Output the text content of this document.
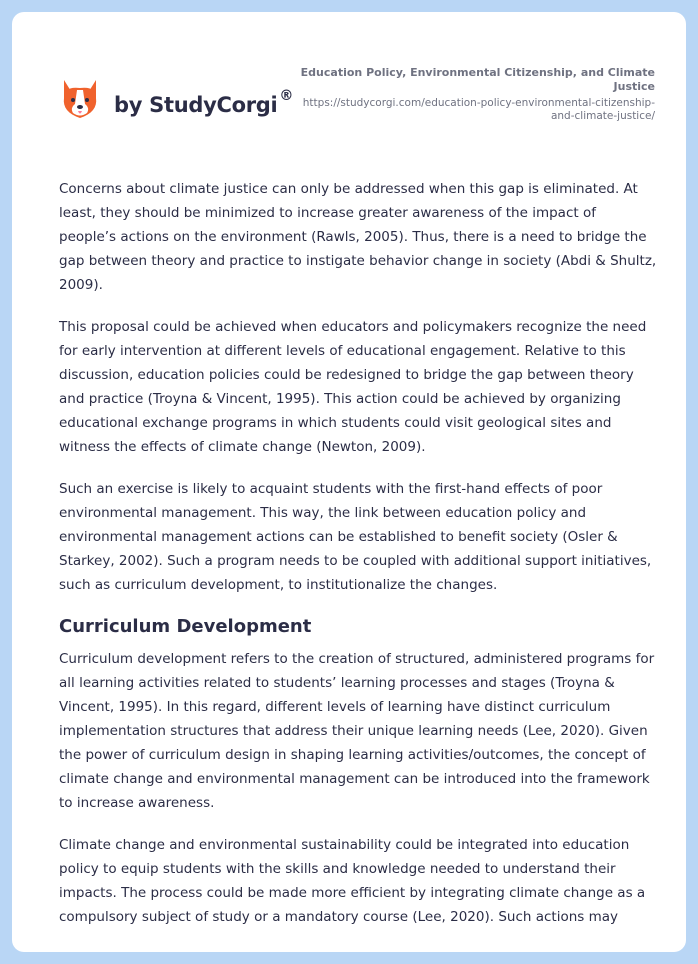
by StudyCorgi ®
Education Policy, Environmental Citizenship, and Climate Justice
https://studycorgi.com/education-policy-environmental-citizenship-and-climate-justice/

Concerns about climate justice can only be addressed when this gap is eliminated. At least, they should be minimized to increase greater awareness of the impact of people’s actions on the environment (Rawls, 2005). Thus, there is a need to bridge the gap between theory and practice to instigate behavior change in society (Abdi & Shultz, 2009).

This proposal could be achieved when educators and policymakers recognize the need for early intervention at different levels of educational engagement. Relative to this discussion, education policies could be redesigned to bridge the gap between theory and practice (Troyna & Vincent, 1995). This action could be achieved by organizing educational exchange programs in which students could visit geological sites and witness the effects of climate change (Newton, 2009).

Such an exercise is likely to acquaint students with the first-hand effects of poor environmental management. This way, the link between education policy and environmental management actions can be established to benefit society (Osler & Starkey, 2002). Such a program needs to be coupled with additional support initiatives, such as curriculum development, to institutionalize the changes.

Curriculum Development

Curriculum development refers to the creation of structured, administered programs for all learning activities related to students’ learning processes and stages (Troyna & Vincent, 1995). In this regard, different levels of learning have distinct curriculum implementation structures that address their unique learning needs (Lee, 2020). Given the power of curriculum design in shaping learning activities/outcomes, the concept of climate change and environmental management can be introduced into the framework to increase awareness.

Climate change and environmental sustainability could be integrated into education policy to equip students with the skills and knowledge needed to understand their impacts. The process could be made more efficient by integrating climate change as a compulsory subject of study or a mandatory course (Lee, 2020). Such actions may
